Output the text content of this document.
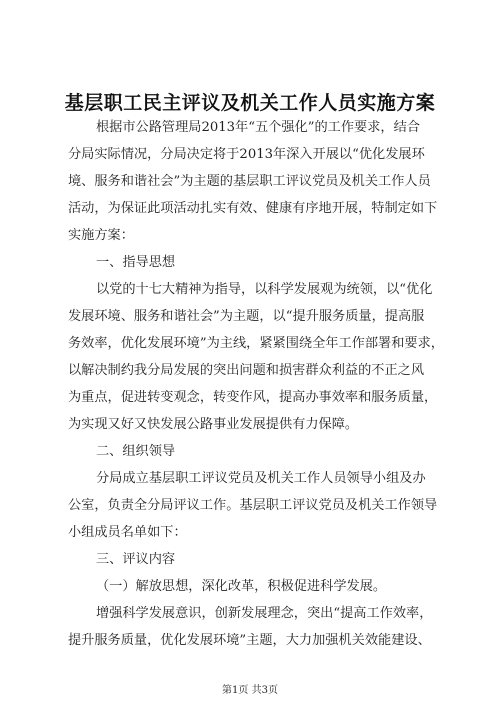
基层职工民主评议及机关工作人员实施方案
根据市公路管理局2013年“五个强化”的工作要求，结合
分局实际情况，分局决定将于2013年深入开展以“优化发展环
境、服务和谐社会”为主题的基层职工评议党员及机关工作人员
活动，为保证此项活动扎实有效、健康有序地开展，特制定如下
实施方案：
一、指导思想
以党的十七大精神为指导，以科学发展观为统领，以“优化
发展环境、服务和谐社会”为主题，以“提升服务质量，提高服
务效率，优化发展环境”为主线，紧紧围绕全年工作部署和要求，
以解决制约我分局发展的突出问题和损害群众利益的不正之风
为重点，促进转变观念，转变作风，提高办事效率和服务质量，
为实现又好又快发展公路事业发展提供有力保障。
二、组织领导
分局成立基层职工评议党员及机关工作人员领导小组及办
公室，负责全分局评议工作。基层职工评议党员及机关工作领导
小组成员名单如下：
三、评议内容
（一）解放思想，深化改革，积极促进科学发展。
增强科学发展意识，创新发展理念，突出“提高工作效率，
提升服务质量，优化发展环境”主题，大力加强机关效能建设、
第1页 共3页
